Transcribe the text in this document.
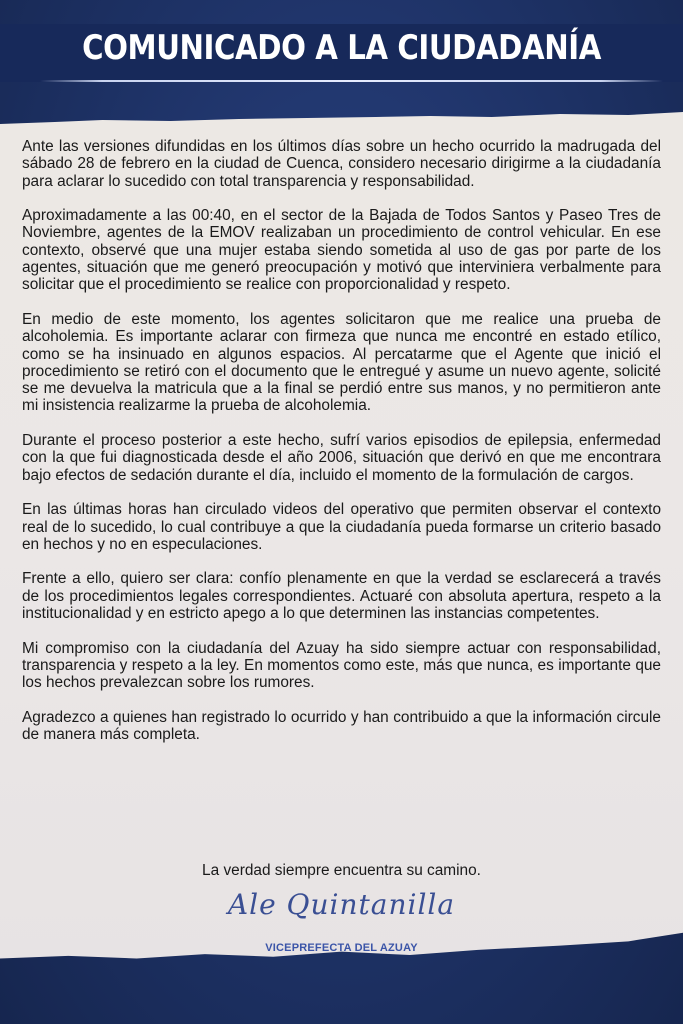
COMUNICADO A LA CIUDADANÍA

Ante las versiones difundidas en los últimos días sobre un hecho ocurrido la madrugada del sábado 28 de febrero en la ciudad de Cuenca, considero necesario dirigirme a la ciudadanía para aclarar lo sucedido con total transparencia y responsabilidad.

Aproximadamente a las 00:40, en el sector de la Bajada de Todos Santos y Paseo Tres de Noviembre, agentes de la EMOV realizaban un procedimiento de control vehicular. En ese contexto, observé que una mujer estaba siendo sometida al uso de gas por parte de los agentes, situación que me generó preocupación y motivó que interviniera verbalmente para solicitar que el procedimiento se realice con proporcionalidad y respeto.

En medio de este momento, los agentes solicitaron que me realice una prueba de alcoholemia. Es importante aclarar con firmeza que nunca me encontré en estado etílico, como se ha insinuado en algunos espacios. Al percatarme que el Agente que inició el procedimiento se retiró con el documento que le entregué y asume un nuevo agente, solicité se me devuelva la matricula que a la final se perdió entre sus manos, y no permitieron ante mi insistencia realizarme la prueba de alcoholemia.

Durante el proceso posterior a este hecho, sufrí varios episodios de epilepsia, enfermedad con la que fui diagnosticada desde el año 2006, situación que derivó en que me encontrara bajo efectos de sedación durante el día, incluido el momento de la formulación de cargos.

En las últimas horas han circulado videos del operativo que permiten observar el contexto real de lo sucedido, lo cual contribuye a que la ciudadanía pueda formarse un criterio basado en hechos y no en especulaciones.

Frente a ello, quiero ser clara: confío plenamente en que la verdad se esclarecerá a través de los procedimientos legales correspondientes. Actuaré con absoluta apertura, respeto a la institucionalidad y en estricto apego a lo que determinen las instancias competentes.

Mi compromiso con la ciudadanía del Azuay ha sido siempre actuar con responsabilidad, transparencia y respeto a la ley. En momentos como este, más que nunca, es importante que los hechos prevalezcan sobre los rumores.

Agradezco a quienes han registrado lo ocurrido y han contribuido a que la información circule de manera más completa.

La verdad siempre encuentra su camino.
Ale Quintanilla
VICEPREFECTA DEL AZUAY
